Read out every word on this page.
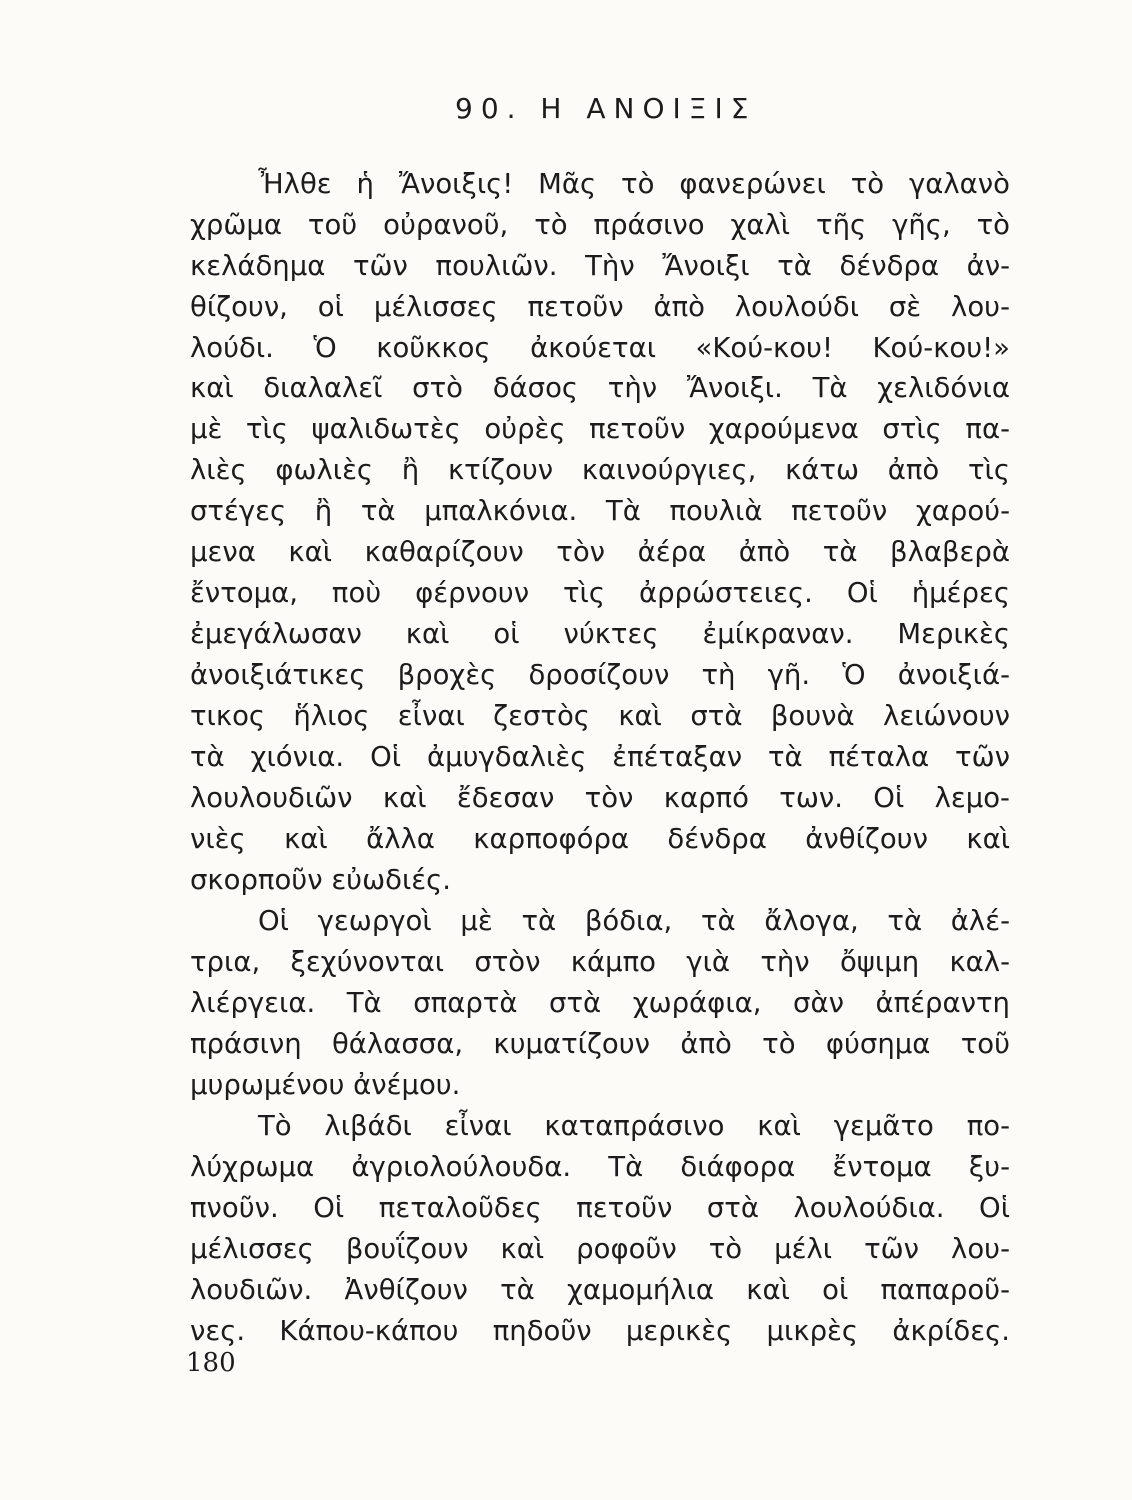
90. Η ΑΝΟΙΞΙΣ
Ἦλθε ἡ Ἄνοιξις! Μᾶς τὸ φανερώνει τὸ γαλανὸ
χρῶμα τοῦ οὐρανοῦ, τὸ πράσινο χαλὶ τῆς γῆς, τὸ
κελάδημα τῶν πουλιῶν. Τὴν Ἄνοιξι τὰ δένδρα ἀν-
θίζουν, οἱ μέλισσες πετοῦν ἀπὸ λουλούδι σὲ λου-
λούδι. Ὁ κοῦκκος ἀκούεται «Κού-κου! Κού-κου!»
καὶ διαλαλεῖ στὸ δάσος τὴν Ἄνοιξι. Τὰ χελιδόνια
μὲ τὶς ψαλιδωτὲς οὐρὲς πετοῦν χαρούμενα στὶς πα-
λιὲς φωλιὲς ἢ κτίζουν καινούργιες, κάτω ἀπὸ τὶς
στέγες ἢ τὰ μπαλκόνια. Τὰ πουλιὰ πετοῦν χαρού-
μενα καὶ καθαρίζουν τὸν ἀέρα ἀπὸ τὰ βλαβερὰ
ἔντομα, ποὺ φέρνουν τὶς ἀρρώστειες. Οἱ ἡμέρες
ἐμεγάλωσαν καὶ οἱ νύκτες ἐμίκραναν. Μερικὲς
ἀνοιξιάτικες βροχὲς δροσίζουν τὴ γῆ. Ὁ ἀνοιξιά-
τικος ἥλιος εἶναι ζεστὸς καὶ στὰ βουνὰ λειώνουν
τὰ χιόνια. Οἱ ἀμυγδαλιὲς ἐπέταξαν τὰ πέταλα τῶν
λουλουδιῶν καὶ ἔδεσαν τὸν καρπό των. Οἱ λεμο-
νιὲς καὶ ἄλλα καρποφόρα δένδρα ἀνθίζουν καὶ
σκορποῦν εὐωδιές.
Οἱ γεωργοὶ μὲ τὰ βόδια, τὰ ἄλογα, τὰ ἀλέ-
τρια, ξεχύνονται στὸν κάμπο γιὰ τὴν ὄψιμη καλ-
λιέργεια. Τὰ σπαρτὰ στὰ χωράφια, σὰν ἀπέραντη
πράσινη θάλασσα, κυματίζουν ἀπὸ τὸ φύσημα τοῦ
μυρωμένου ἀνέμου.
Τὸ λιβάδι εἶναι καταπράσινο καὶ γεμᾶτο πο-
λύχρωμα ἀγριολούλουδα. Τὰ διάφορα ἔντομα ξυ-
πνοῦν. Οἱ πεταλοῦδες πετοῦν στὰ λουλούδια. Οἱ
μέλισσες βουΐζουν καὶ ροφοῦν τὸ μέλι τῶν λου-
λουδιῶν. Ἀνθίζουν τὰ χαμομήλια καὶ οἱ παπαροῦ-
νες. Κάπου-κάπου πηδοῦν μερικὲς μικρὲς ἀκρίδες.
180
